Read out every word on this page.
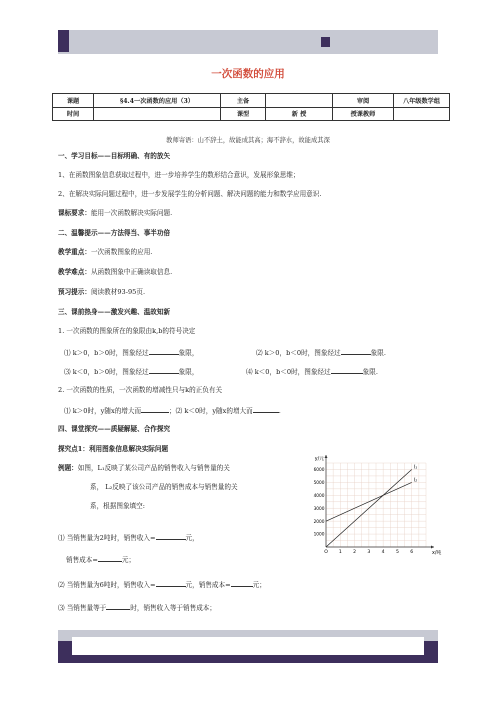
一次函数的应用
课题	§4.4一次函数的应用（3）	主备		审阅	八年级数学组
时间		课型	新 授	授课教师	
教师寄语：山不辞土，故能成其高；海不辞水，故能成其深
一、学习目标——目标明确、有的放矢
1、在函数图象信息获取过程中，进一步培养学生的数形结合意识，发展形象思维；
2、在解决实际问题过程中，进一步发展学生的分析问题、解决问题的能力和数学应用意识.
课标要求：能用一次函数解决实际问题.
二、温馨提示——方法得当、事半功倍
教学重点：一次函数图象的应用.
教学难点：从函数图象中正确读取信息.
预习提示：阅读教材93-95页.
三、课前热身——激发兴趣、温故知新
1. 一次函数的图象所在的象限由k,b的符号决定
⑴ k＞0，b＞0时，图象经过	象限，	⑵ k＞0，b＜0时，图象经过	象限.
⑶ k＜0，b＞0时，图象经过	象限，	⑷ k＜0，b＜0时，图象经过	象限.
2. 一次函数的性质，一次函数的增减性只与k的正负有关
⑴ k＞0时，y随x的增大而	；⑵ k＜0时，y随x的增大而	.
四、课堂探究——质疑解疑、合作探究
探究点1：利用图象信息解决实际问题
例题：如图，L₁反映了某公司产品的销售收入与销售量的关
系， L₂反映了该公司产品的销售成本与销售量的关
系，根据图象填空:
⑴ 当销售量为2吨时，销售收入=	元，
销售成本=	元；
⑵ 当销售量为6吨时，销售收入=	元，销售成本=	元；
⑶ 当销售量等于	时，销售收入等于销售成本；
y/元
x/吨
O 1 2 3 4 5 6
1000
2000
3000
4000
5000
6000
l₁
l₂
